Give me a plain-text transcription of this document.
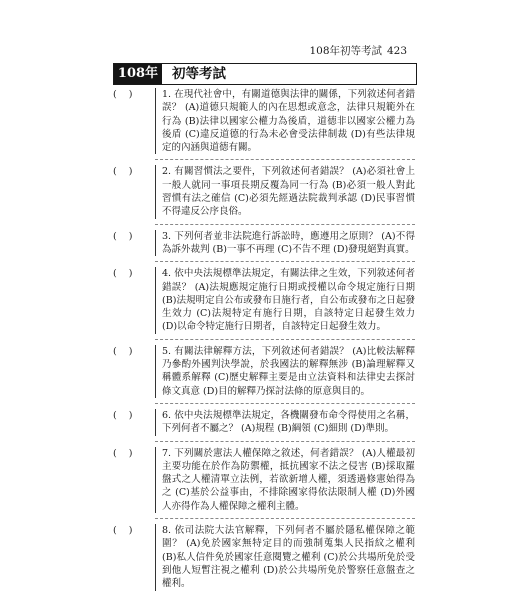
108年初等考試 423
108年 初等考試
(    )	1. 在現代社會中，有關道德與法律的關係，下列敘述何者錯誤？ (A)道德只規範人的內在思想或意念，法律只規範外在行為 (B)法律以國家公權力為後盾，道德非以國家公權力為後盾 (C)違反道德的行為未必會受法律制裁 (D)有些法律規定的內涵與道德有關。
(    )	2. 有關習慣法之要件，下列敘述何者錯誤？ (A)必須社會上一般人就同一事項長期反覆為同一行為 (B)必須一般人對此習慣有法之確信 (C)必須先經過法院裁判承認 (D)民事習慣不得違反公序良俗。
(    )	3. 下列何者並非法院進行訴訟時，應遵用之原則？ (A)不得為訴外裁判 (B)一事不再理 (C)不告不理 (D)發現絕對真實。
(    )	4. 依中央法規標準法規定，有關法律之生效，下列敘述何者錯誤？ (A)法規應規定施行日期或授權以命令規定施行日期 (B)法規明定自公布或發布日施行者，自公布或發布之日起發生效力 (C)法規特定有施行日期，自該特定日起發生效力 (D)以命令特定施行日期者，自該特定日起發生效力。
(    )	5. 有關法律解釋方法，下列敘述何者錯誤？ (A)比較法解釋乃參酌外國判決學說，於我國法的解釋無涉 (B)論理解釋又稱體系解釋 (C)歷史解釋主要是由立法資料和法律史去探討條文真意 (D)目的解釋乃探討法條的原意與目的。
(    )	6. 依中央法規標準法規定，各機關發布命令得使用之名稱，下列何者不屬之？ (A)規程 (B)綱領 (C)細則 (D)準則。
(    )	7. 下列關於憲法人權保障之敘述，何者錯誤？ (A)人權最初主要功能在於作為防禦權，抵抗國家不法之侵害 (B)採取羅盤式之人權清單立法例，若欲新增人權，須透過修憲始得為之 (C)基於公益事由，不排除國家得依法限制人權 (D)外國人亦得作為人權保障之權利主體。
(    )	8. 依司法院大法官解釋，下列何者不屬於隱私權保障之範圍？ (A)免於國家無特定目的而強制蒐集人民指紋之權利 (B)私人信件免於國家任意閱覽之權利 (C)於公共場所免於受到他人短暫注視之權利 (D)於公共場所免於警察任意盤查之權利。
